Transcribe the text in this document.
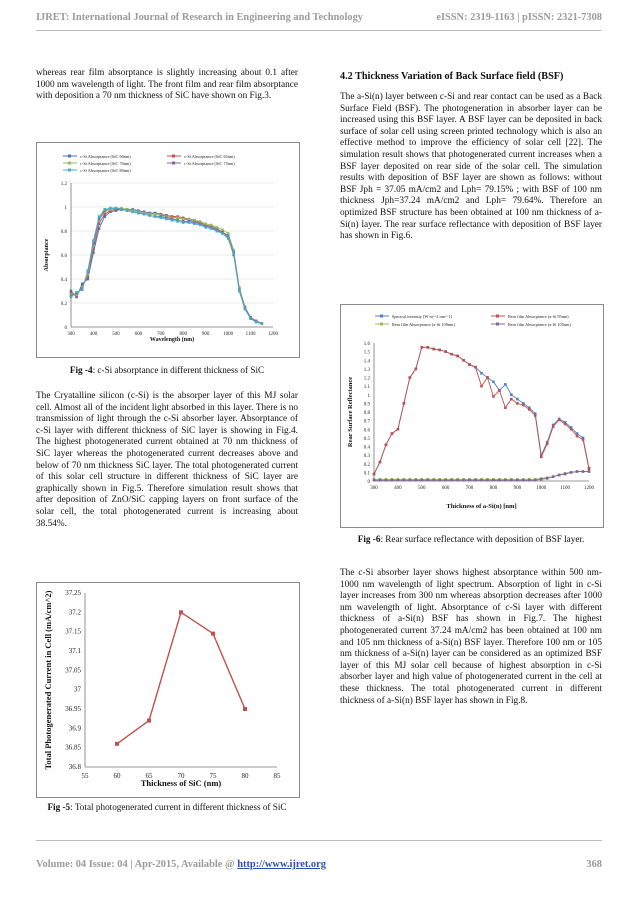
IJRET: International Journal of Research in Engineering and Technology	eISSN: 2319-1163 | pISSN: 2321-7308

whereas rear film absorptance is slightly increasing about 0.1 after 1000 nm wavelength of light. The front film and rear film absorptance with deposition a 70 nm thickness of SiC have shown on Fig.3.

300	400	500	600	700	800	900	1000	1100	1200
0
0.2
0.4
0.6
0.8
1
1.2
Wavelength (nm)
Absorptance
c-Si Absorptance (SiC 60nm)	c-Si Absorptance (SiC 65nm)
c-Si Absorptance (SiC 70nm)	c-Si Absorptance (SiC 75nm)
c-Si Absorptance (SiC 80nm)
Fig -4: c-Si absorptance in different thickness of SiC

The Cryatalline silicon (c-Si) is the absorper layer of this MJ solar cell. Almost all of the incident light absorbed in this layer. There is no transmission of light through the c-Si absorber layer. Absorptance of c-Si layer with different thickness of SiC layer is showing in Fig.4. The highest photogenerated current obtained at 70 nm thickness of SiC layer whereas the photogenerated current decreases above and below of 70 nm thickness SiC layer. The total photogenerated current of this solar cell structure in different thickness of SiC layer are graphically shown in Fig.5. Therefore simulation result shows that after deposition of ZnO/SiC capping layers on front surface of the solar cell, the total photogenerated current is increasing about 38.54%.

55	60	65	70	75	80	85
36.8
36.85
36.9
36.95
37
37.05
37.1
37.15
37.2
37.25
Thickness of SiC (nm)
Total Photogenerated Current in Cell (mA/cm^2)
Fig -5: Total photogenerated current in different thickness of SiC
4.2 Thickness Variation of Back Surface field (BSF)

The a-Si(n) layer between c-Si and rear contact can be used as a Back Surface Field (BSF). The photogeneration in absorber layer can be increased using this BSF layer. A BSF layer can be deposited in back surface of solar cell using screen printed technology which is also an effective method to improve the efficiency of solar cell [22]. The simulation result shows that photogenerated current increases when a BSF layer deposited on rear side of the solar cell. The simulation results with deposition of BSF layer are shown as follows: without BSF Jph = 37.05 mA/cm2 and Lph= 79.15% ; with BSF of 100 nm thickness Jph=37.24 mA/cm2 and Lph= 79.64%. Therefore an optimized BSF structure has been obtained at 100 nm thickness of a-Si(n) layer. The rear surface reflectance with deposition of BSF layer has shown in Fig.6.

300	400	500	600	700	800	900	1000	1100	1200
0
0.1
0.2
0.3
0.4
0.5
0.6
0.7
0.8
0.9
1
1.1
1.2
1.3
1.4
1.5
1.6
Thickness of a-Si(n) [nm]
Rear Surface Reflectance
Spectral intensity [W m^-2 nm^-1]	Rear film Absorptance (a-Si 95nm)
Rear film Absorptance (a-Si 100nm)	Rear film Absorptance (a-Si 105nm)
Fig -6: Rear surface reflectance with deposition of BSF layer.

The c-Si absorber layer shows highest absorptance within 500 nm-1000 nm wavelength of light spectrum. Absorption of light in c-Si layer increases from 300 nm whereas absorption decreases after 1000 nm wavelength of light. Absorptance of c-Si layer with different thickness of a-Si(n) BSF has shown in Fig.7. The highest photogenerated current 37.24 mA/cm2 has been obtained at 100 nm and 105 nm thickness of a-Si(n) BSF layer. Therefore 100 nm or 105 nm thickness of a-Si(n) layer can be considered as an optimized BSF layer of this MJ solar cell because of highest absorption in c-Si absorber layer and high value of photogenerated current in the cell at these thickness. The total photogenerated current in different thickness of a-Si(n) BSF layer has shown in Fig.8.

Volume: 04 Issue: 04 | Apr-2015, Available @ http://www.ijret.org	368
